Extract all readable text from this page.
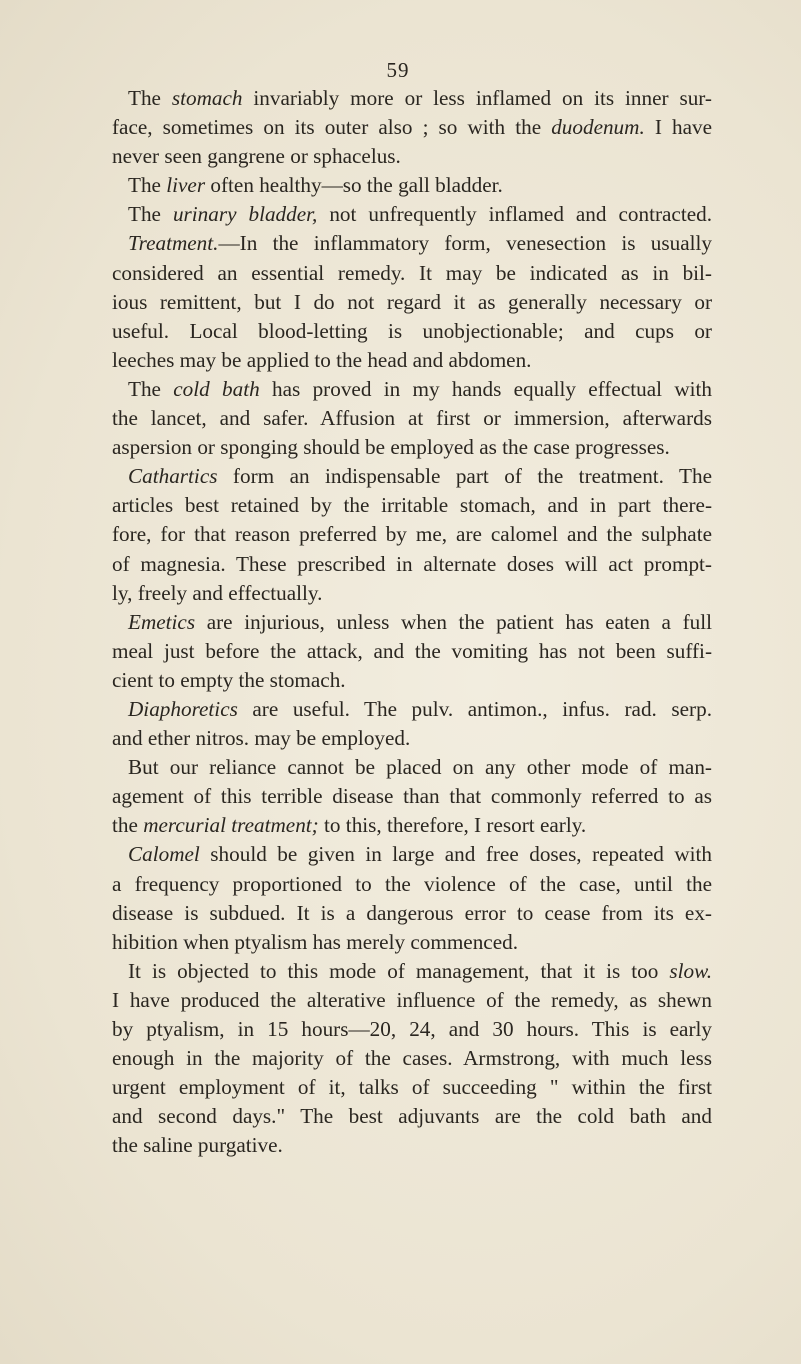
59
The stomach invariably more or less inflamed on its inner sur-
face, sometimes on its outer also ; so with the duodenum. I have
never seen gangrene or sphacelus.
The liver often healthy—so the gall bladder.
The urinary bladder, not unfrequently inflamed and contracted.
Treatment.—In the inflammatory form, venesection is usually
considered an essential remedy. It may be indicated as in bil-
ious remittent, but I do not regard it as generally necessary or
useful. Local blood-letting is unobjectionable; and cups or
leeches may be applied to the head and abdomen.
The cold bath has proved in my hands equally effectual with
the lancet, and safer. Affusion at first or immersion, afterwards
aspersion or sponging should be employed as the case progresses.
Cathartics form an indispensable part of the treatment. The
articles best retained by the irritable stomach, and in part there-
fore, for that reason preferred by me, are calomel and the sulphate
of magnesia. These prescribed in alternate doses will act prompt-
ly, freely and effectually.
Emetics are injurious, unless when the patient has eaten a full
meal just before the attack, and the vomiting has not been suffi-
cient to empty the stomach.
Diaphoretics are useful. The pulv. antimon., infus. rad. serp.
and ether nitros. may be employed.
But our reliance cannot be placed on any other mode of man-
agement of this terrible disease than that commonly referred to as
the mercurial treatment; to this, therefore, I resort early.
Calomel should be given in large and free doses, repeated with
a frequency proportioned to the violence of the case, until the
disease is subdued. It is a dangerous error to cease from its ex-
hibition when ptyalism has merely commenced.
It is objected to this mode of management, that it is too slow.
I have produced the alterative influence of the remedy, as shewn
by ptyalism, in 15 hours—20, 24, and 30 hours. This is early
enough in the majority of the cases. Armstrong, with much less
urgent employment of it, talks of succeeding " within the first
and second days." The best adjuvants are the cold bath and
the saline purgative.
